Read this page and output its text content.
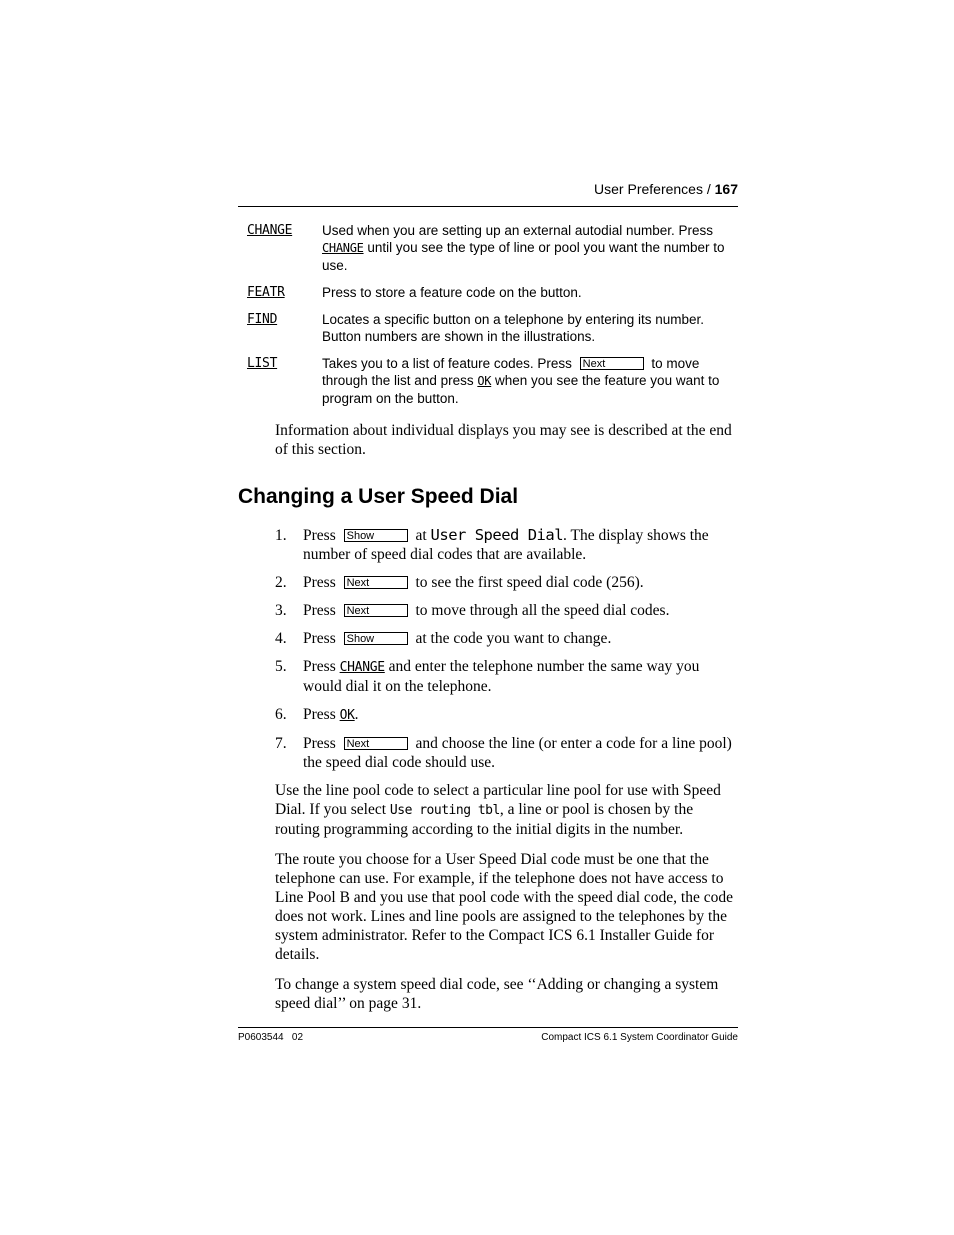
User Preferences / 167
CHANGE	Used when you are setting up an external autodial number. Press CHANGE until you see the type of line or pool you want the number to use.
FEATR	Press to store a feature code on the button.
FIND	Locates a specific button on a telephone by entering its number. Button numbers are shown in the illustrations.
LIST	Takes you to a list of feature codes. Press Next	to move through the list and press OK when you see the feature you want to program on the button.

Information about individual displays you may see is described at the end of this section.

Changing a User Speed Dial
1.	Press Show at User Speed Dial. The display shows the number of speed dial codes that are available.
2.	Press Next	to see the first speed dial code (256).
3.	Press Next	to move through all the speed dial codes.
4.	Press Show at the code you want to change.
5.	Press CHANGE and enter the telephone number the same way you would dial it on the telephone.
6.	Press OK.
7.	Press Next	and choose the line (or enter a code for a line pool) the speed dial code should use.

Use the line pool code to select a particular line pool for use with Speed Dial. If you select Use routing tbl, a line or pool is chosen by the routing programming according to the initial digits in the number.

The route you choose for a User Speed Dial code must be one that the telephone can use. For example, if the telephone does not have access to Line Pool B and you use that pool code with the speed dial code, the code does not work. Lines and line pools are assigned to the telephones by the system administrator. Refer to the Compact ICS 6.1 Installer Guide for details.

To change a system speed dial code, see ‘‘Adding or changing a system speed dial’’ on page 31.

P0603544   02	Compact ICS 6.1 System Coordinator Guide
